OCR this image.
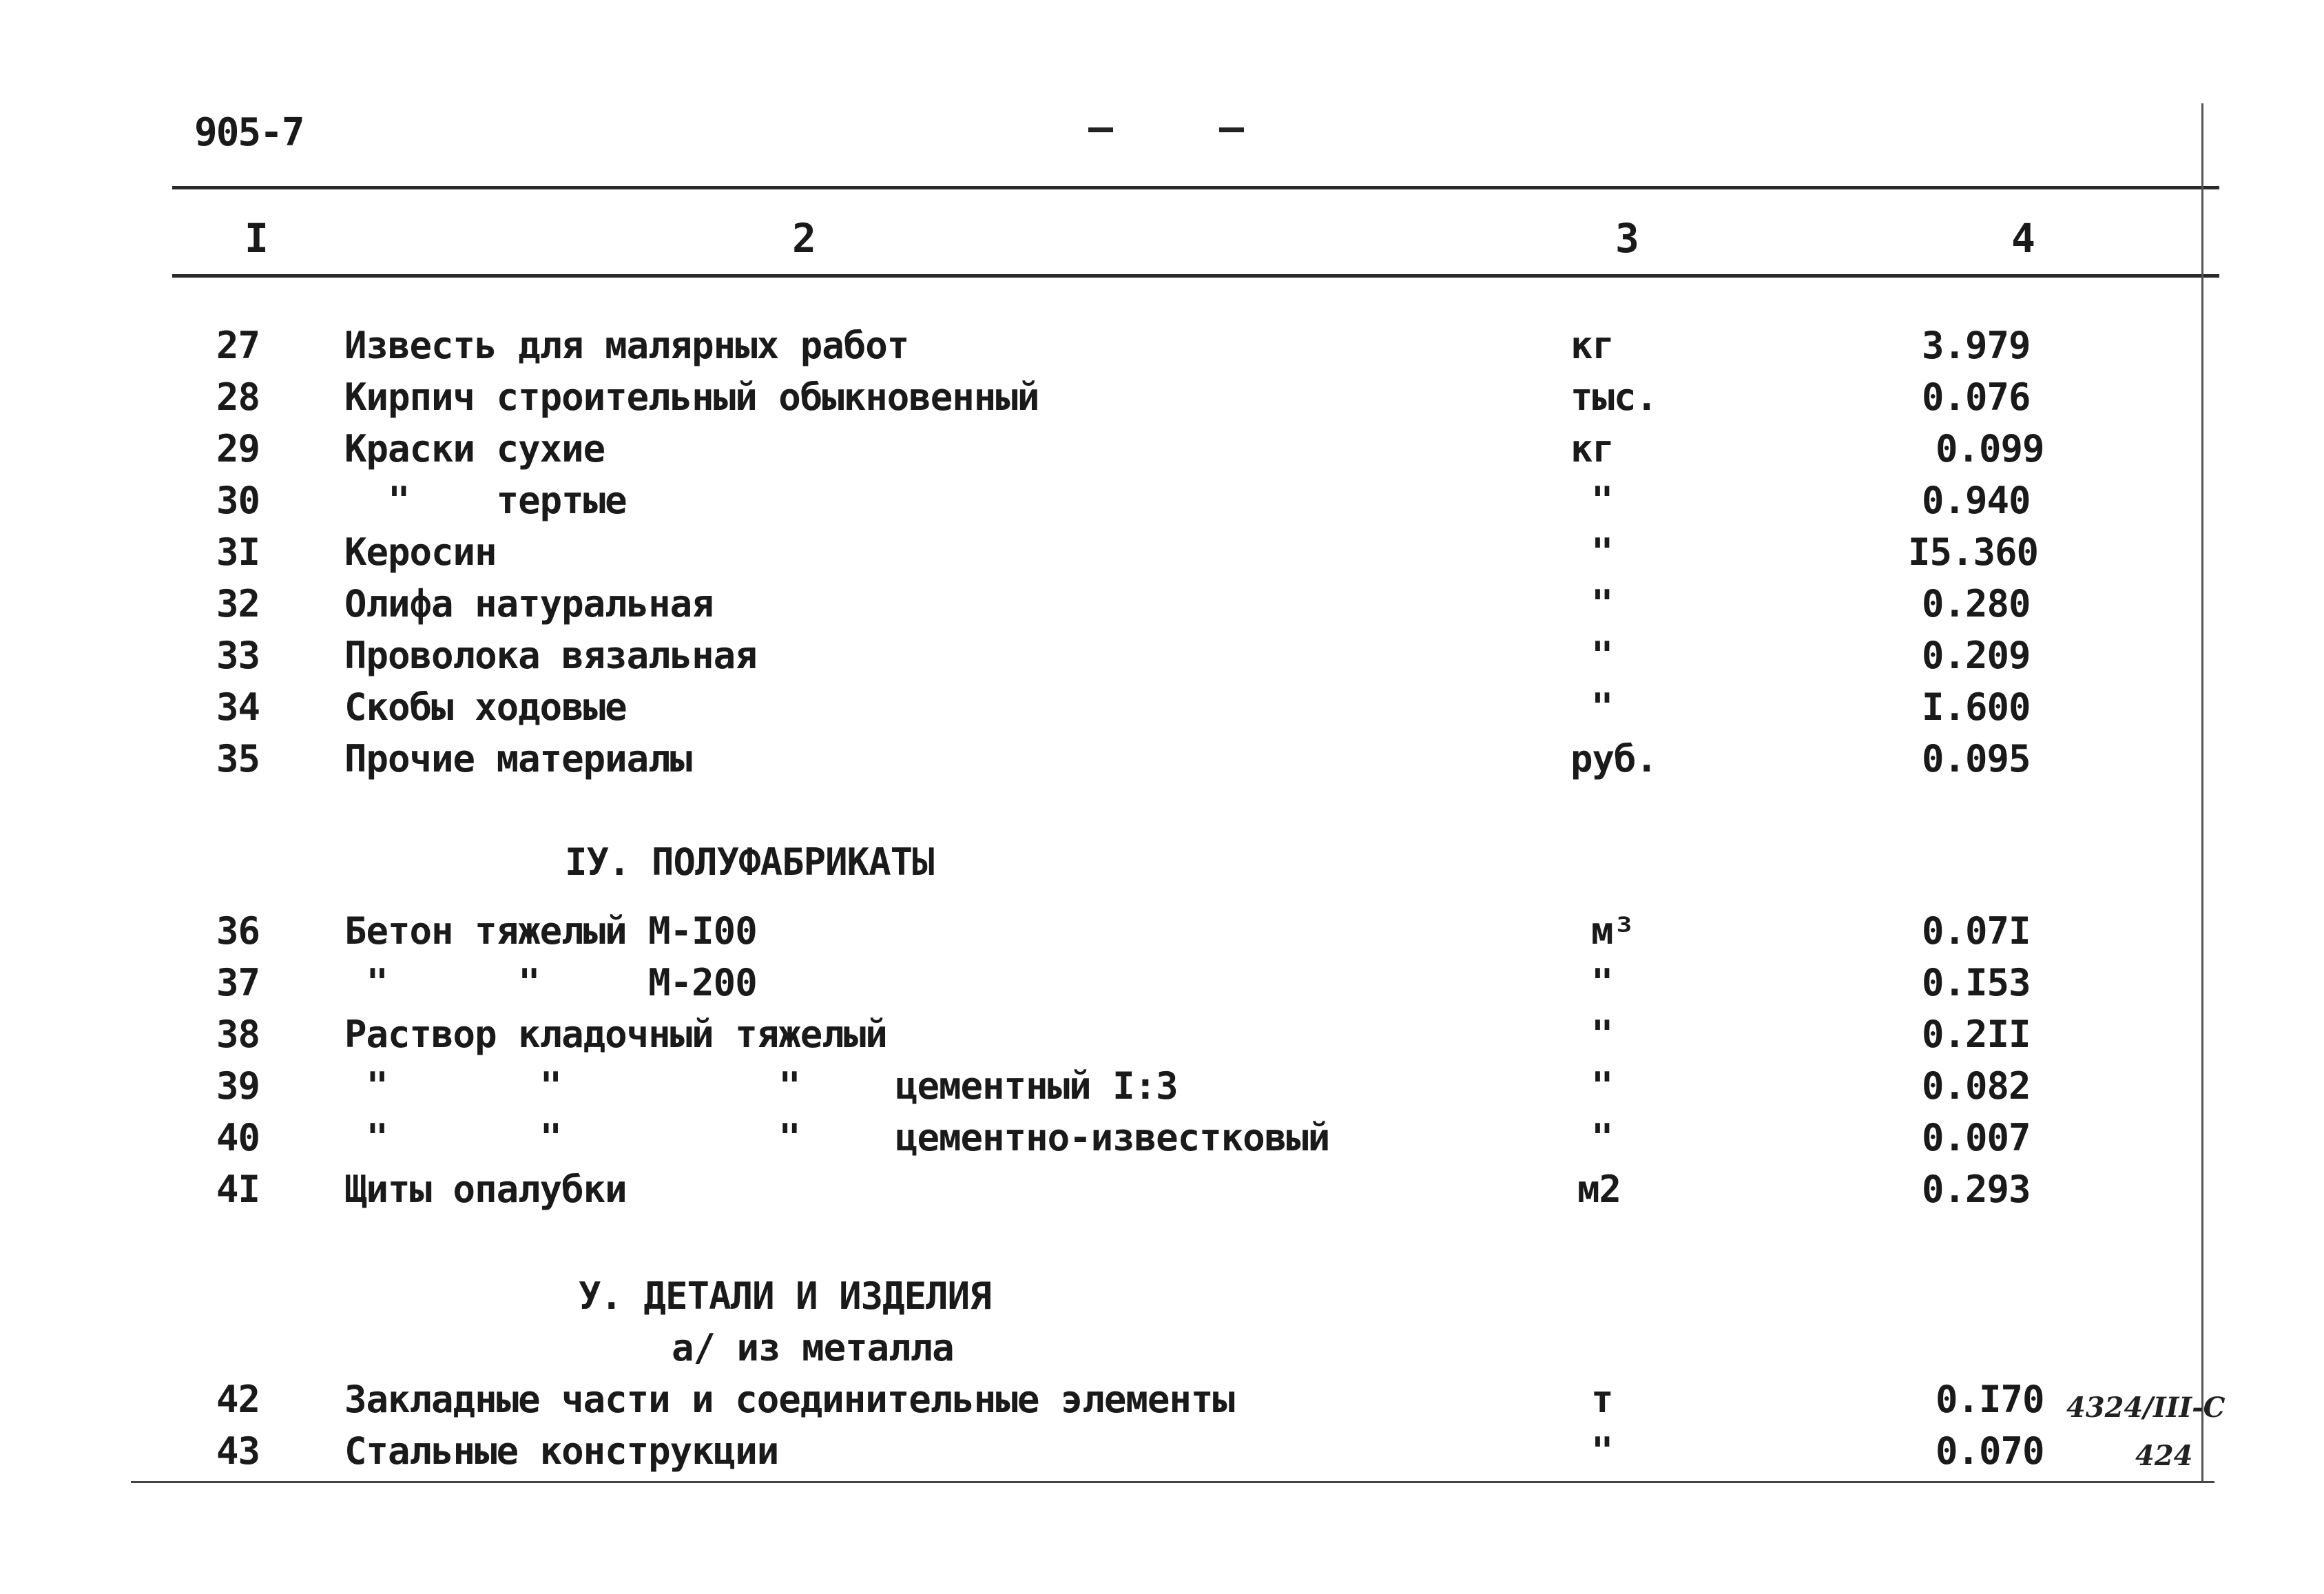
905-7
I	2	3	4
27 Известь для малярных работ	кг	3.979
28 Кирпич строительный обыкновенный	тыс.	0.076
29 Краски сухие	кг	0.099
30 "    тертые	"	0.940
3I Керосин	"	I5.360
32 Олифа натуральная	"	0.280
33 Проволока вязальная	"	0.209
34 Скобы ходовые	"	I.600
35 Прочие материалы	руб.	0.095
IУ. ПОЛУФАБРИКАТЫ
36 Бетон тяжелый М-I00	м³	0.07I
37 "      "     М-200	"	0.I53
38 Раствор кладочный тяжелый	"	0.2II
39 "       "          "	цементный I:3	"	0.082
40 "       "          "	цементно-известковый	"	0.007
4I Щиты опалубки	м2	0.293
У. ДЕТАЛИ И ИЗДЕЛИЯ
а/ из металла
42 Закладные части и соединительные элементы	т	0.I70
43 Стальные конструкции	"	0.070
4324/III-С
424
